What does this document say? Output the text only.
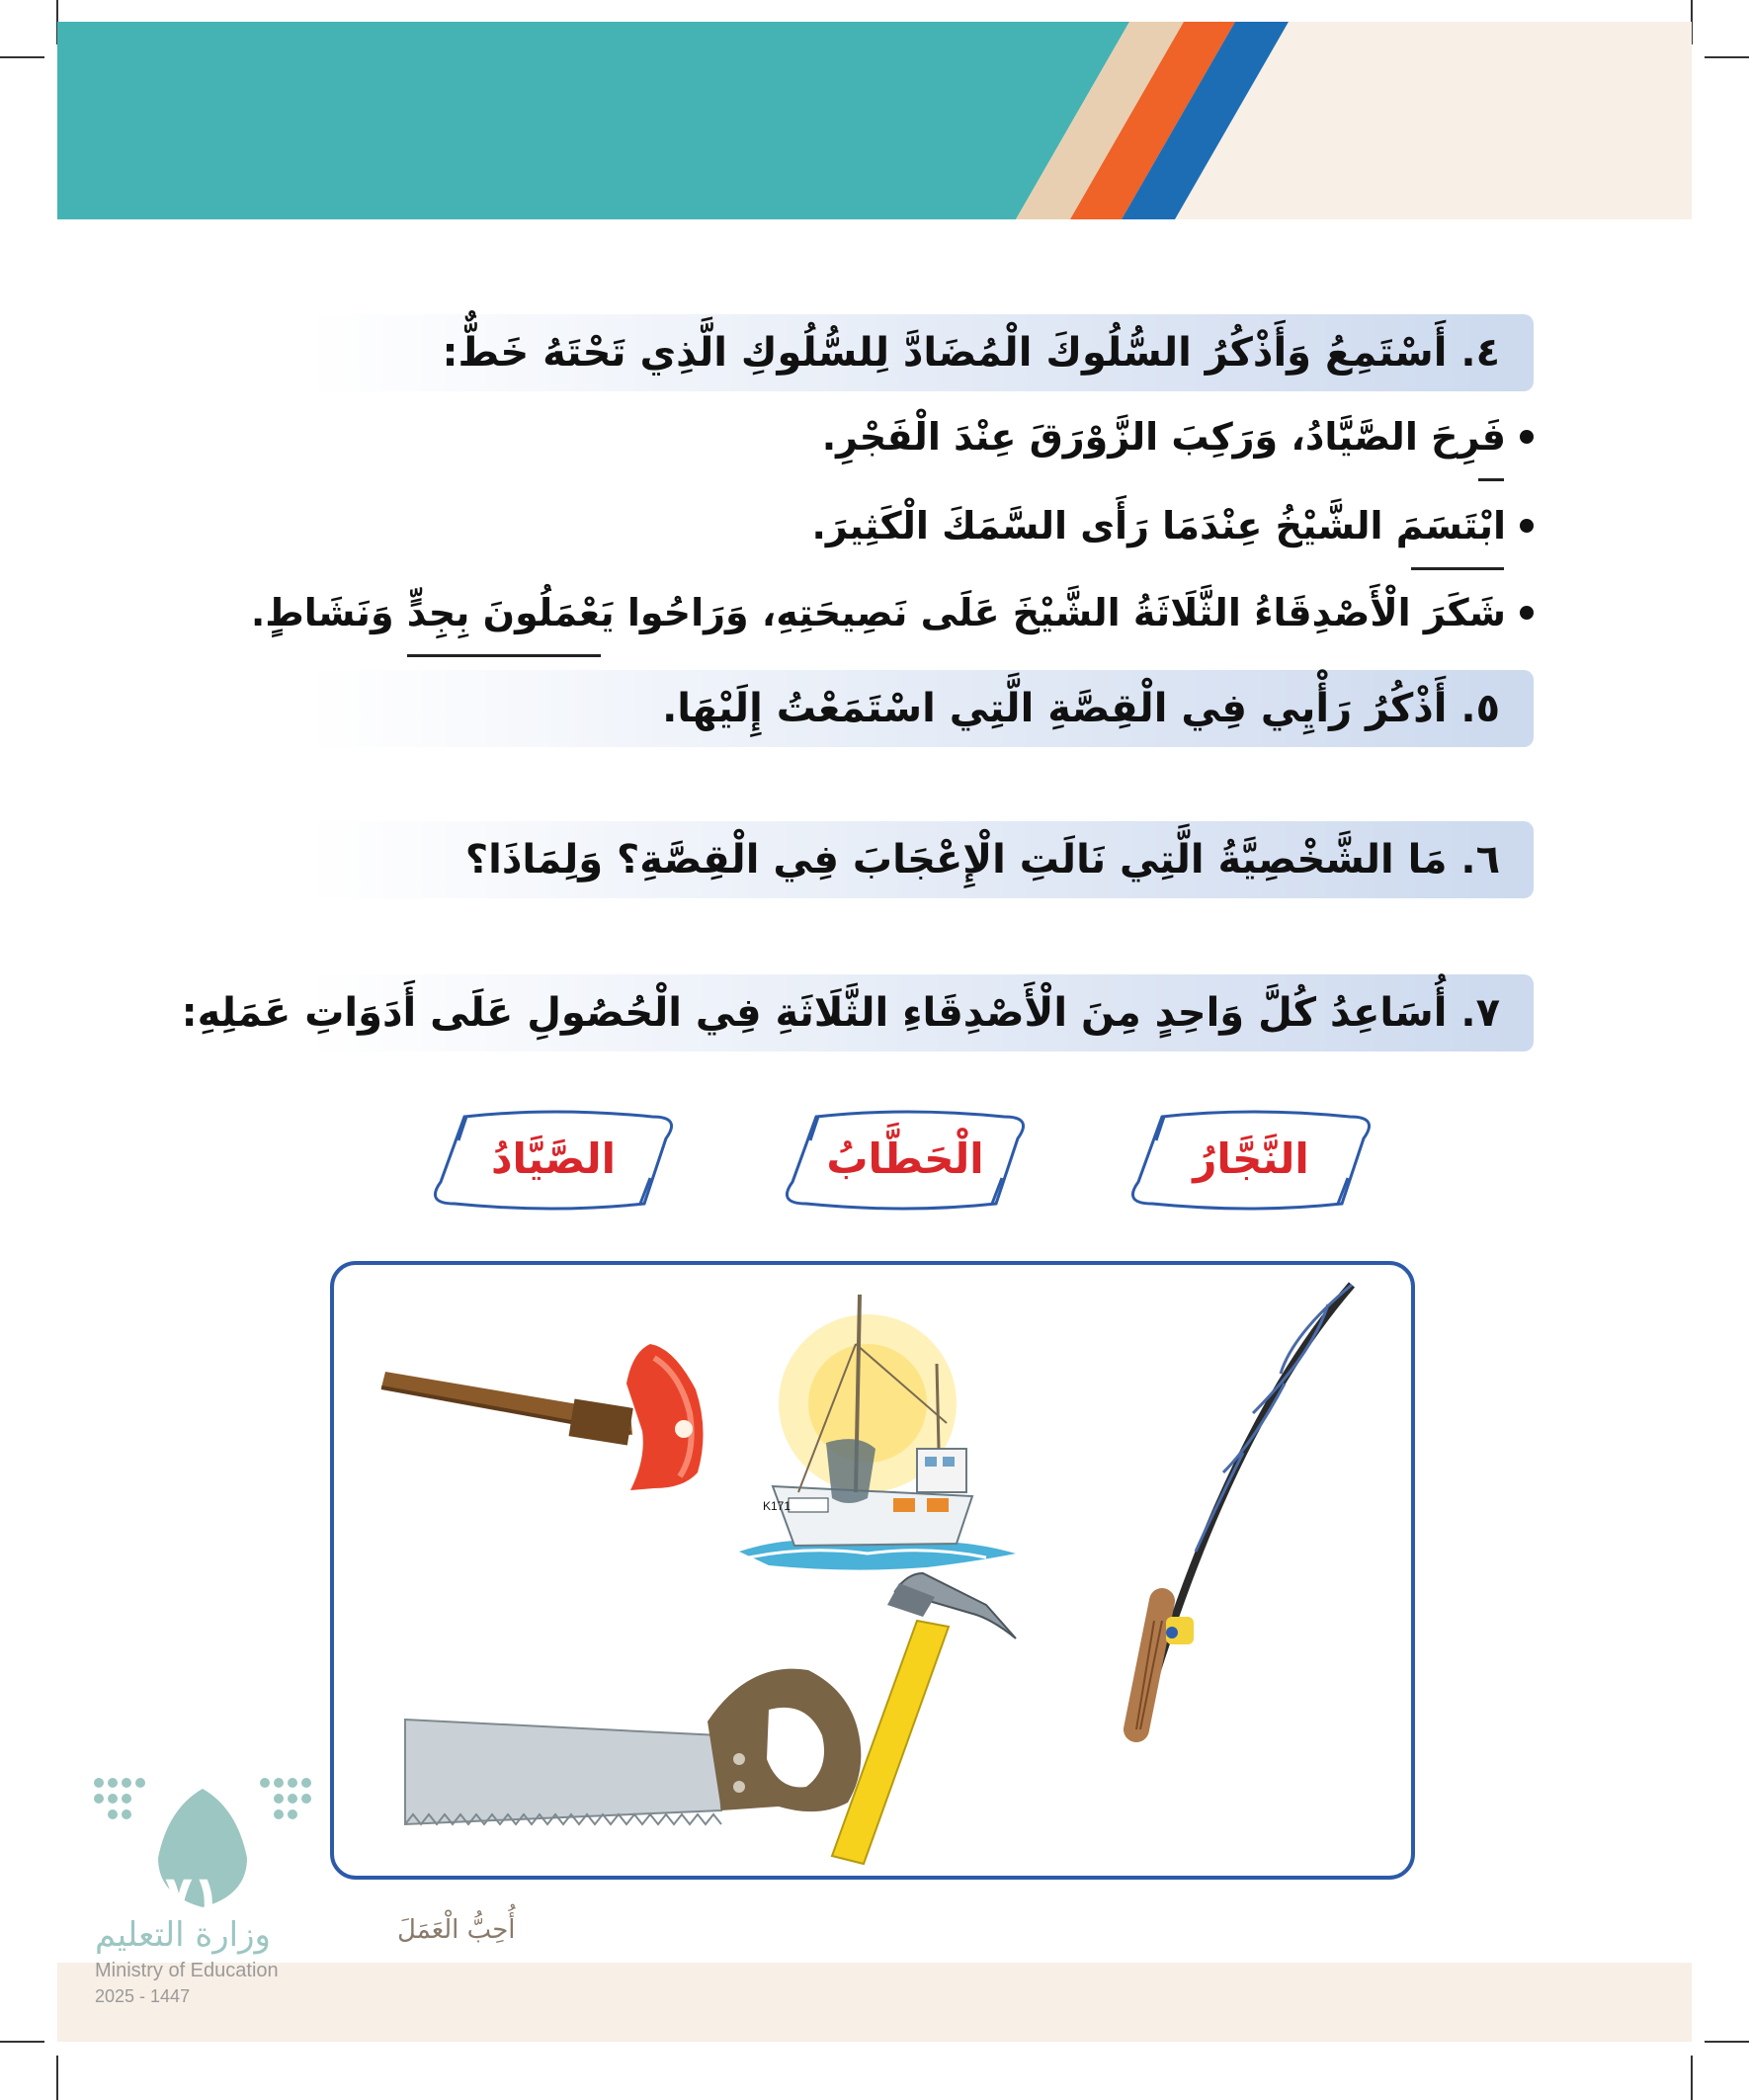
٤. أَسْتَمِعُ وَأَذْكُرُ السُّلُوكَ الْمُضَادَّ لِلسُّلُوكِ الَّذِي تَحْتَهُ خَطٌّ:
فَرِحَ الصَّيَّادُ، وَرَكِبَ الزَّوْرَقَ عِنْدَ الْفَجْرِ.
ابْتَسَمَ الشَّيْخُ عِنْدَمَا رَأَى السَّمَكَ الْكَثِيرَ.
شَكَرَ الْأَصْدِقَاءُ الثَّلَاثَةُ الشَّيْخَ عَلَى نَصِيحَتِهِ، وَرَاحُوا يَعْمَلُونَ بِجِدٍّ وَنَشَاطٍ.
٥. أَذْكُرُ رَأْيِي فِي الْقِصَّةِ الَّتِي اسْتَمَعْتُ إِلَيْهَا.
٦. مَا الشَّخْصِيَّةُ الَّتِي نَالَتِ الْإِعْجَابَ فِي الْقِصَّةِ؟ وَلِمَاذَا؟
٧. أُسَاعِدُ كُلَّ وَاحِدٍ مِنَ الْأَصْدِقَاءِ الثَّلَاثَةِ فِي الْحُصُولِ عَلَى أَدَوَاتِ عَمَلِهِ:
النَّجَّارُ
الْحَطَّابُ
الصَّيَّادُ
K171
أُحِبُّ الْعَمَلَ
٧١
وزارة التعليم
Ministry of Education
2025 - 1447
